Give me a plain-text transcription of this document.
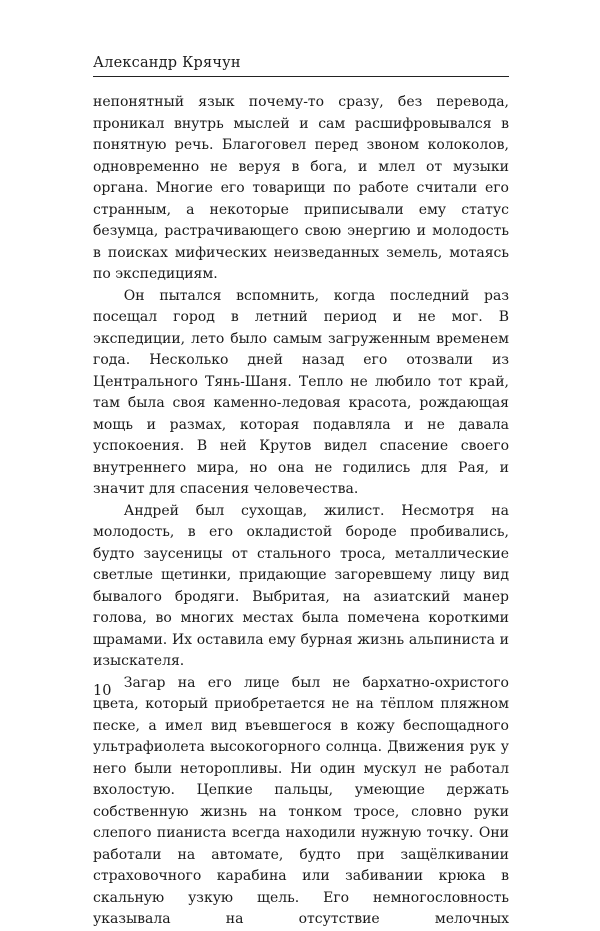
Александр Крячун

непонятный язык почему-то сразу, без перевода, проникал внутрь мыслей и сам расшифровывался в понятную речь. Благоговел перед звоном колоколов, одновременно не веруя в бога, и млел от музыки органа. Многие его товарищи по работе считали его странным, а некоторые приписывали ему статус безумца, растрачивающего свою энергию и молодость в поисках мифических неизведанных земель, мотаясь по экспедициям.

Он пытался вспомнить, когда последний раз посещал город в летний период и не мог. В экспедиции, лето было самым загруженным временем года. Несколько дней назад его отозвали из Центрального Тянь-Шаня. Тепло не любило тот край, там была своя каменно-ледовая красота, рождающая мощь и размах, которая подавляла и не давала успокоения. В ней Крутов видел спасение своего внутреннего мира, но она не годились для Рая, и значит для спасения человечества.

Андрей был сухощав, жилист. Несмотря на молодость, в его окладистой бороде пробивались, будто заусеницы от стального троса, металлические светлые щетинки, придающие загоревшему лицу вид бывалого бродяги. Выбритая, на азиатский манер голова, во многих местах была помечена короткими шрамами. Их оставила ему бурная жизнь альпиниста и изыскателя.

Загар на его лице был не бархатно-охристого цвета, который приобретается не на тёплом пляжном песке, а имел вид въевшегося в кожу беспощадного ультрафиолета высокогорного солнца. Движения рук у него были неторопливы. Ни один мускул не работал вхолостую. Цепкие пальцы, умеющие держать собственную жизнь на тонком тросе, словно руки слепого пианиста всегда находили нужную точку. Они работали на автомате, будто при защёлкивании страховочного карабина или забивании крюка в скальную узкую щель. Его немногословность указывала на отсутствие мелочных

10
